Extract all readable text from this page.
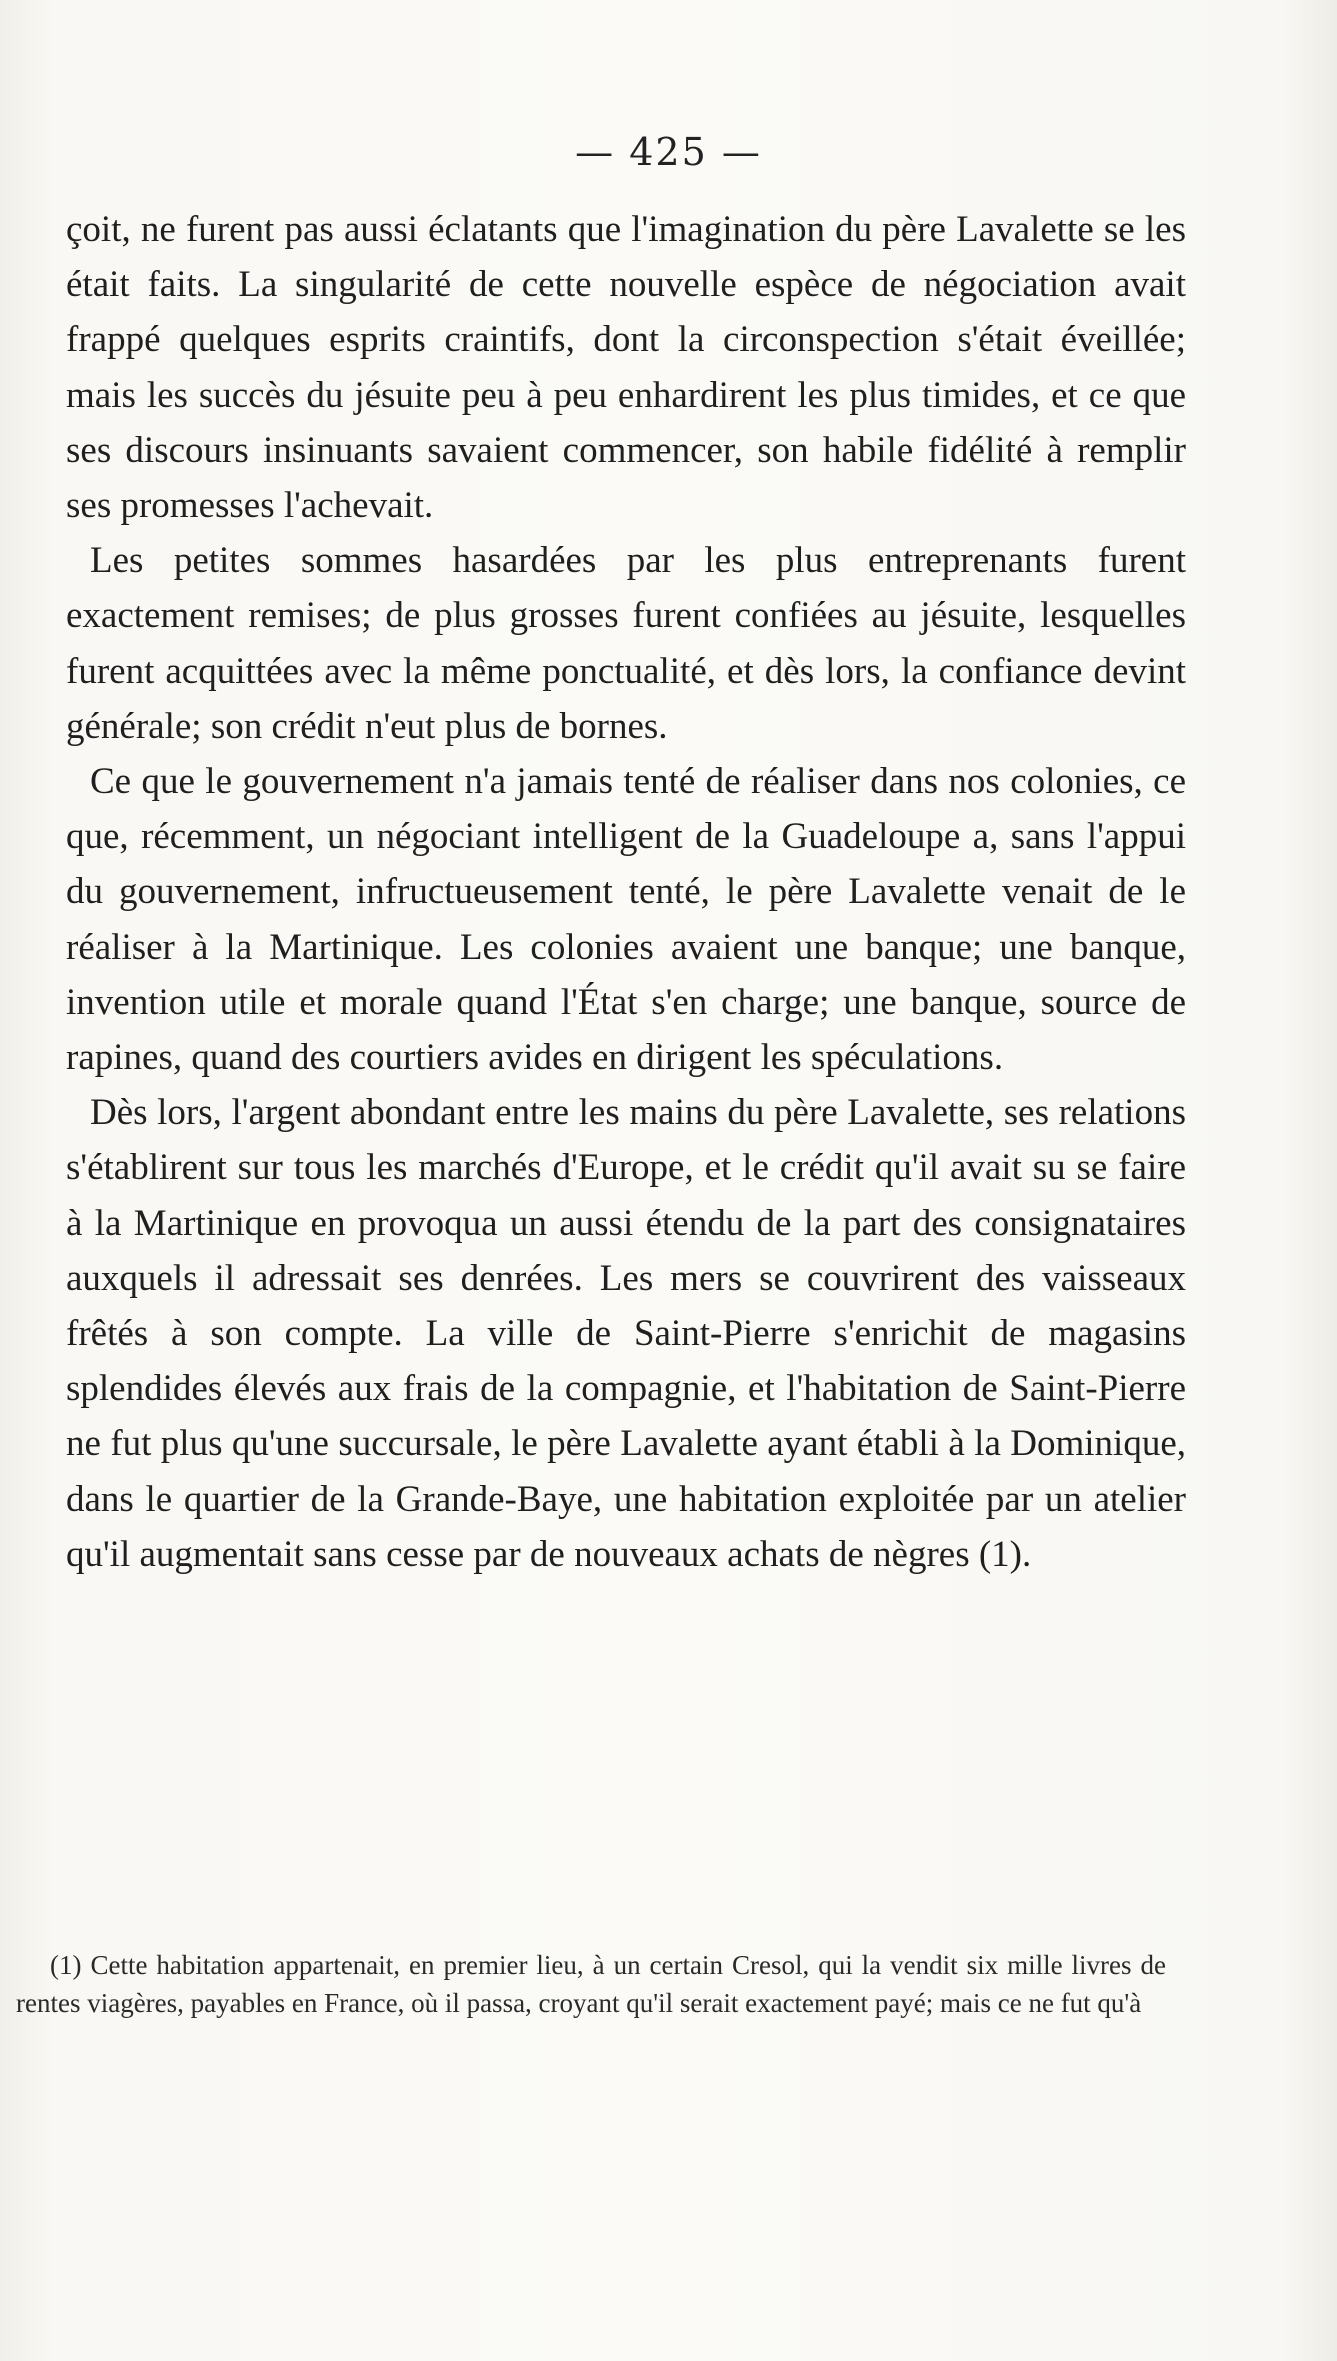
— 425 —

çoit, ne furent pas aussi éclatants que l'imagination du père Lavalette se les était faits. La singularité de cette nouvelle espèce de négociation avait frappé quelques esprits craintifs, dont la circonspection s'était éveillée; mais les succès du jésuite peu à peu enhardirent les plus timides, et ce que ses discours insinuants savaient commencer, son habile fidélité à remplir ses promesses l'achevait.

Les petites sommes hasardées par les plus entreprenants furent exactement remises; de plus grosses furent confiées au jésuite, lesquelles furent acquittées avec la même ponctualité, et dès lors, la confiance devint générale; son crédit n'eut plus de bornes.

Ce que le gouvernement n'a jamais tenté de réaliser dans nos colonies, ce que, récemment, un négociant intelligent de la Guadeloupe a, sans l'appui du gouvernement, infructueusement tenté, le père Lavalette venait de le réaliser à la Martinique. Les colonies avaient une banque; une banque, invention utile et morale quand l'État s'en charge; une banque, source de rapines, quand des courtiers avides en dirigent les spéculations.

Dès lors, l'argent abondant entre les mains du père Lavalette, ses relations s'établirent sur tous les marchés d'Europe, et le crédit qu'il avait su se faire à la Martinique en provoqua un aussi étendu de la part des consignataires auxquels il adressait ses denrées. Les mers se couvrirent des vaisseaux frêtés à son compte. La ville de Saint-Pierre s'enrichit de magasins splendides élevés aux frais de la compagnie, et l'habitation de Saint-Pierre ne fut plus qu'une succursale, le père Lavalette ayant établi à la Dominique, dans le quartier de la Grande-Baye, une habitation exploitée par un atelier qu'il augmentait sans cesse par de nouveaux achats de nègres (1).

(1) Cette habitation appartenait, en premier lieu, à un certain Cresol, qui la vendit six mille livres de rentes viagères, payables en France, où il passa, croyant qu'il serait exactement payé; mais ce ne fut qu'à
